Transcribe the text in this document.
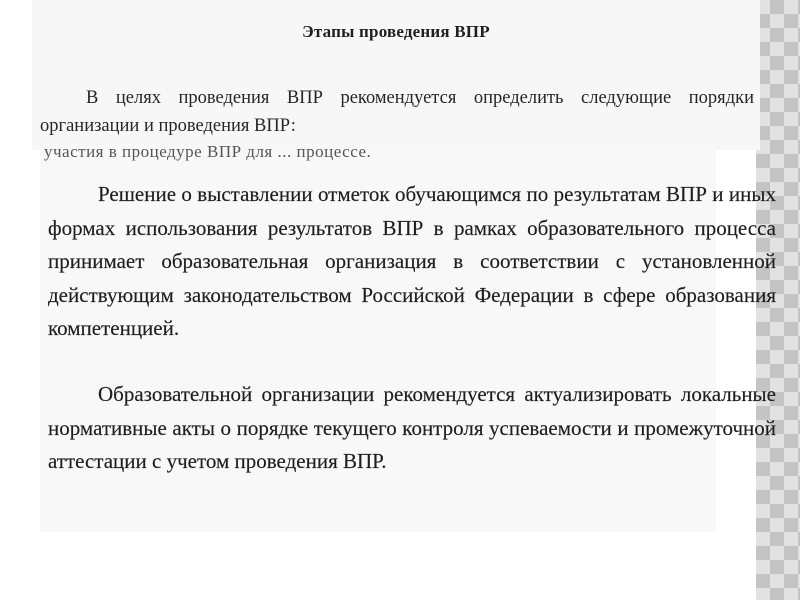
Этапы проведения ВПР
В целях проведения ВПР рекомендуется определить следующие порядки организации и проведения ВПР:
участия в процедуре ВПР для ... процессе.
Решение о выставлении отметок обучающимся по результатам ВПР и иных формах использования результатов ВПР в рамках образовательного процесса принимает образовательная организация в соответствии с установленной действующим законодательством Российской Федерации в сфере образования компетенцией.
Образовательной организации рекомендуется актуализировать локальные нормативные акты о порядке текущего контроля успеваемости и промежуточной аттестации с учетом проведения ВПР.
